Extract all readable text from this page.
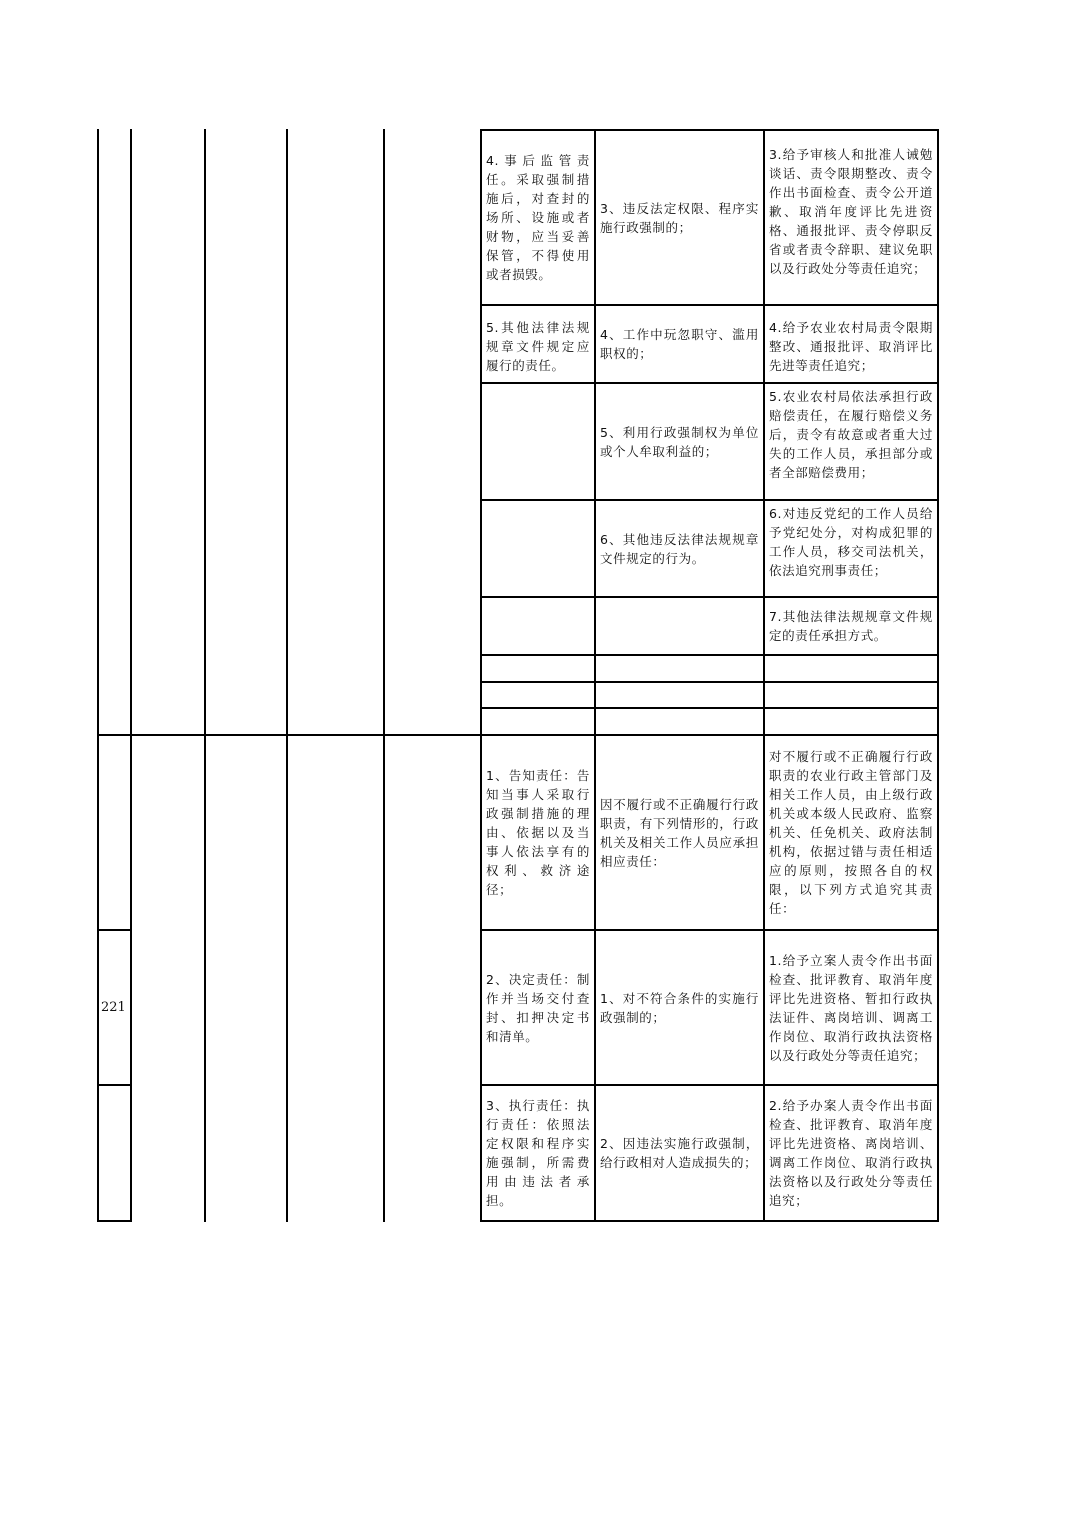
221
4.事后监管责任。采取强制措施后，对查封的场所、设施或者财物，应当妥善保管，不得使用或者损毁。
3、违反法定权限、程序实施行政强制的；
3.给予审核人和批准人诫勉谈话、责令限期整改、责令作出书面检查、责令公开道歉、取消年度评比先进资格、通报批评、责令停职反省或者责令辞职、建议免职以及行政处分等责任追究；
5.其他法律法规规章文件规定应履行的责任。
4、工作中玩忽职守、滥用职权的；
4.给予农业农村局责令限期整改、通报批评、取消评比先进等责任追究；
5、利用行政强制权为单位或个人牟取利益的；
5.农业农村局依法承担行政赔偿责任，在履行赔偿义务后，责令有故意或者重大过失的工作人员，承担部分或者全部赔偿费用；
6、其他违反法律法规规章文件规定的行为。
6.对违反党纪的工作人员给予党纪处分，对构成犯罪的工作人员，移交司法机关，依法追究刑事责任；
7.其他法律法规规章文件规定的责任承担方式。
1、告知责任：告知当事人采取行政强制措施的理由、依据以及当事人依法享有的权利、救济途径；
因不履行或不正确履行行政职责，有下列情形的，行政机关及相关工作人员应承担相应责任：
对不履行或不正确履行行政职责的农业行政主管部门及相关工作人员，由上级行政机关或本级人民政府、监察机关、任免机关、政府法制机构，依据过错与责任相适应的原则，按照各自的权限，以下列方式追究其责任：
2、决定责任：制作并当场交付查封、扣押决定书和清单。
1、对不符合条件的实施行政强制的；
1.给予立案人责令作出书面检查、批评教育、取消年度评比先进资格、暂扣行政执法证件、离岗培训、调离工作岗位、取消行政执法资格以及行政处分等责任追究；
3、执行责任：执行责任：依照法定权限和程序实施强制，所需费用由违法者承担。
2、因违法实施行政强制，给行政相对人造成损失的；
2.给予办案人责令作出书面检查、批评教育、取消年度评比先进资格、离岗培训、调离工作岗位、取消行政执法资格以及行政处分等责任追究；
